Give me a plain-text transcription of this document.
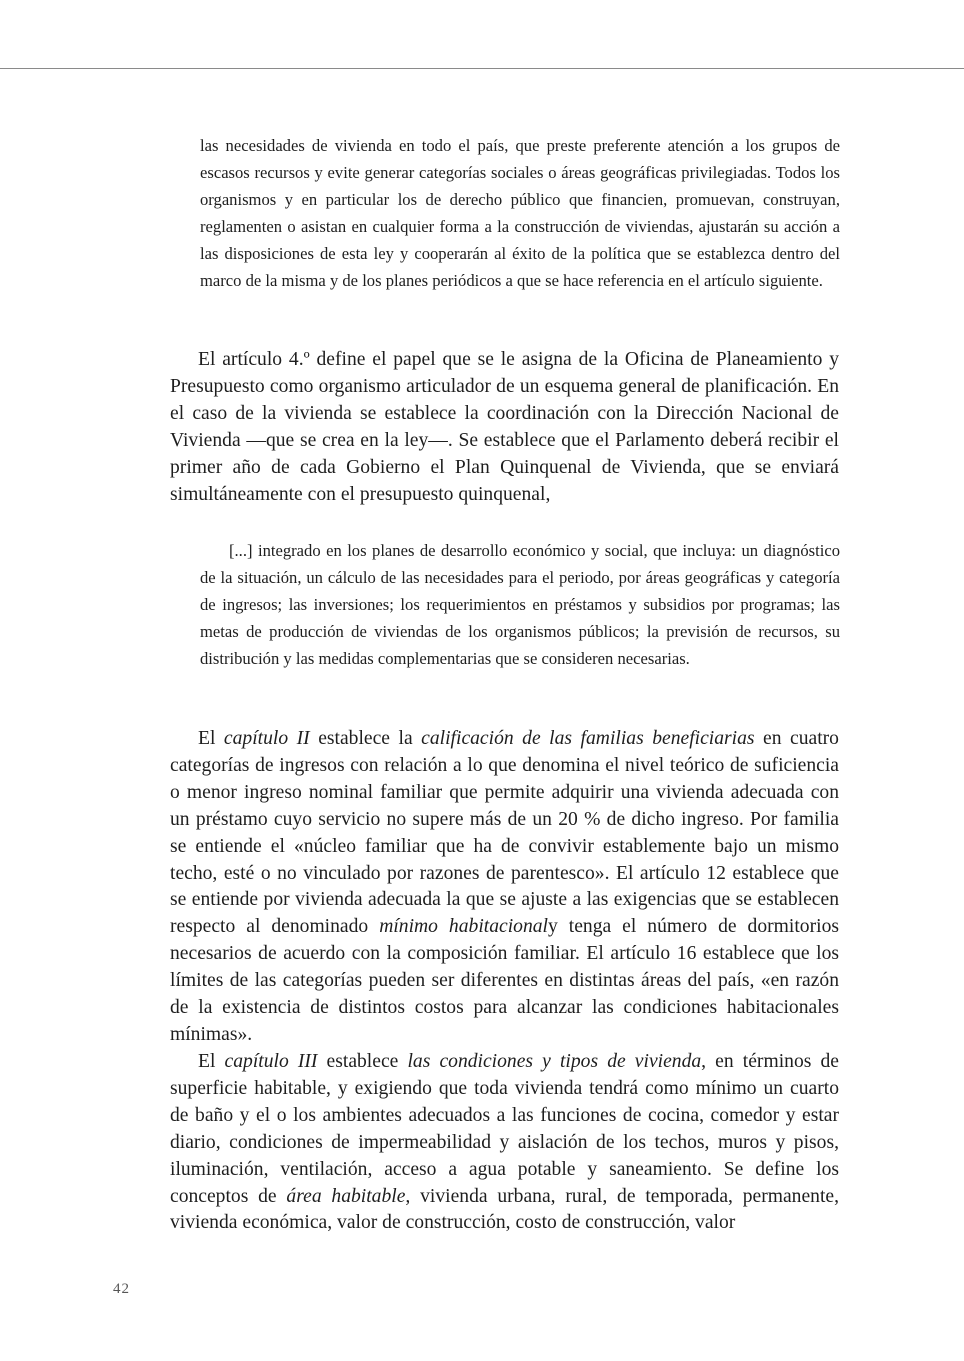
las necesidades de vivienda en todo el país, que preste preferente atención a los grupos de escasos recursos y evite generar categorías sociales o áreas geográficas privilegiadas. Todos los organismos y en particular los de derecho público que financien, promuevan, construyan, reglamenten o asistan en cualquier forma a la construcción de viviendas, ajustarán su acción a las disposiciones de esta ley y cooperarán al éxito de la política que se establezca dentro del marco de la misma y de los planes periódicos a que se hace referencia en el artículo siguiente.

El artículo 4.º define el papel que se le asigna de la Oficina de Planeamiento y Presupuesto como organismo articulador de un esquema general de planificación. En el caso de la vivienda se establece la coordinación con la Dirección Nacional de Vivienda —que se crea en la ley—. Se establece que el Parlamento deberá recibir el primer año de cada Gobierno el Plan Quinquenal de Vivienda, que se enviará simultáneamente con el presupuesto quinquenal,

[...] integrado en los planes de desarrollo económico y social, que incluya: un diagnóstico de la situación, un cálculo de las necesidades para el periodo, por áreas geográficas y categoría de ingresos; las inversiones; los requerimientos en préstamos y subsidios por programas; las metas de producción de viviendas de los organismos públicos; la previsión de recursos, su distribución y las medidas complementarias que se consideren necesarias.

El capítulo II establece la calificación de las familias beneficiarias en cuatro categorías de ingresos con relación a lo que denomina el nivel teórico de suficiencia o menor ingreso nominal familiar que permite adquirir una vivienda adecuada con un préstamo cuyo servicio no supere más de un 20 % de dicho ingreso. Por familia se entiende el «núcleo familiar que ha de convivir establemente bajo un mismo techo, esté o no vinculado por razones de parentesco». El artículo 12 establece que se entiende por vivienda adecuada la que se ajuste a las exigencias que se establecen respecto al denominado mínimo habitacionaly tenga el número de dormitorios necesarios de acuerdo con la composición familiar. El artículo 16 establece que los límites de las categorías pueden ser diferentes en distintas áreas del país, «en razón de la existencia de distintos costos para alcanzar las condiciones habitacionales mínimas».

El capítulo III establece las condiciones y tipos de vivienda, en términos de superficie habitable, y exigiendo que toda vivienda tendrá como mínimo un cuarto de baño y el o los ambientes adecuados a las funciones de cocina, comedor y estar diario, condiciones de impermeabilidad y aislación de los techos, muros y pisos, iluminación, ventilación, acceso a agua potable y saneamiento. Se define los conceptos de área habitable, vivienda urbana, rural, de temporada, permanente, vivienda económica, valor de construcción, costo de construcción, valor

42
